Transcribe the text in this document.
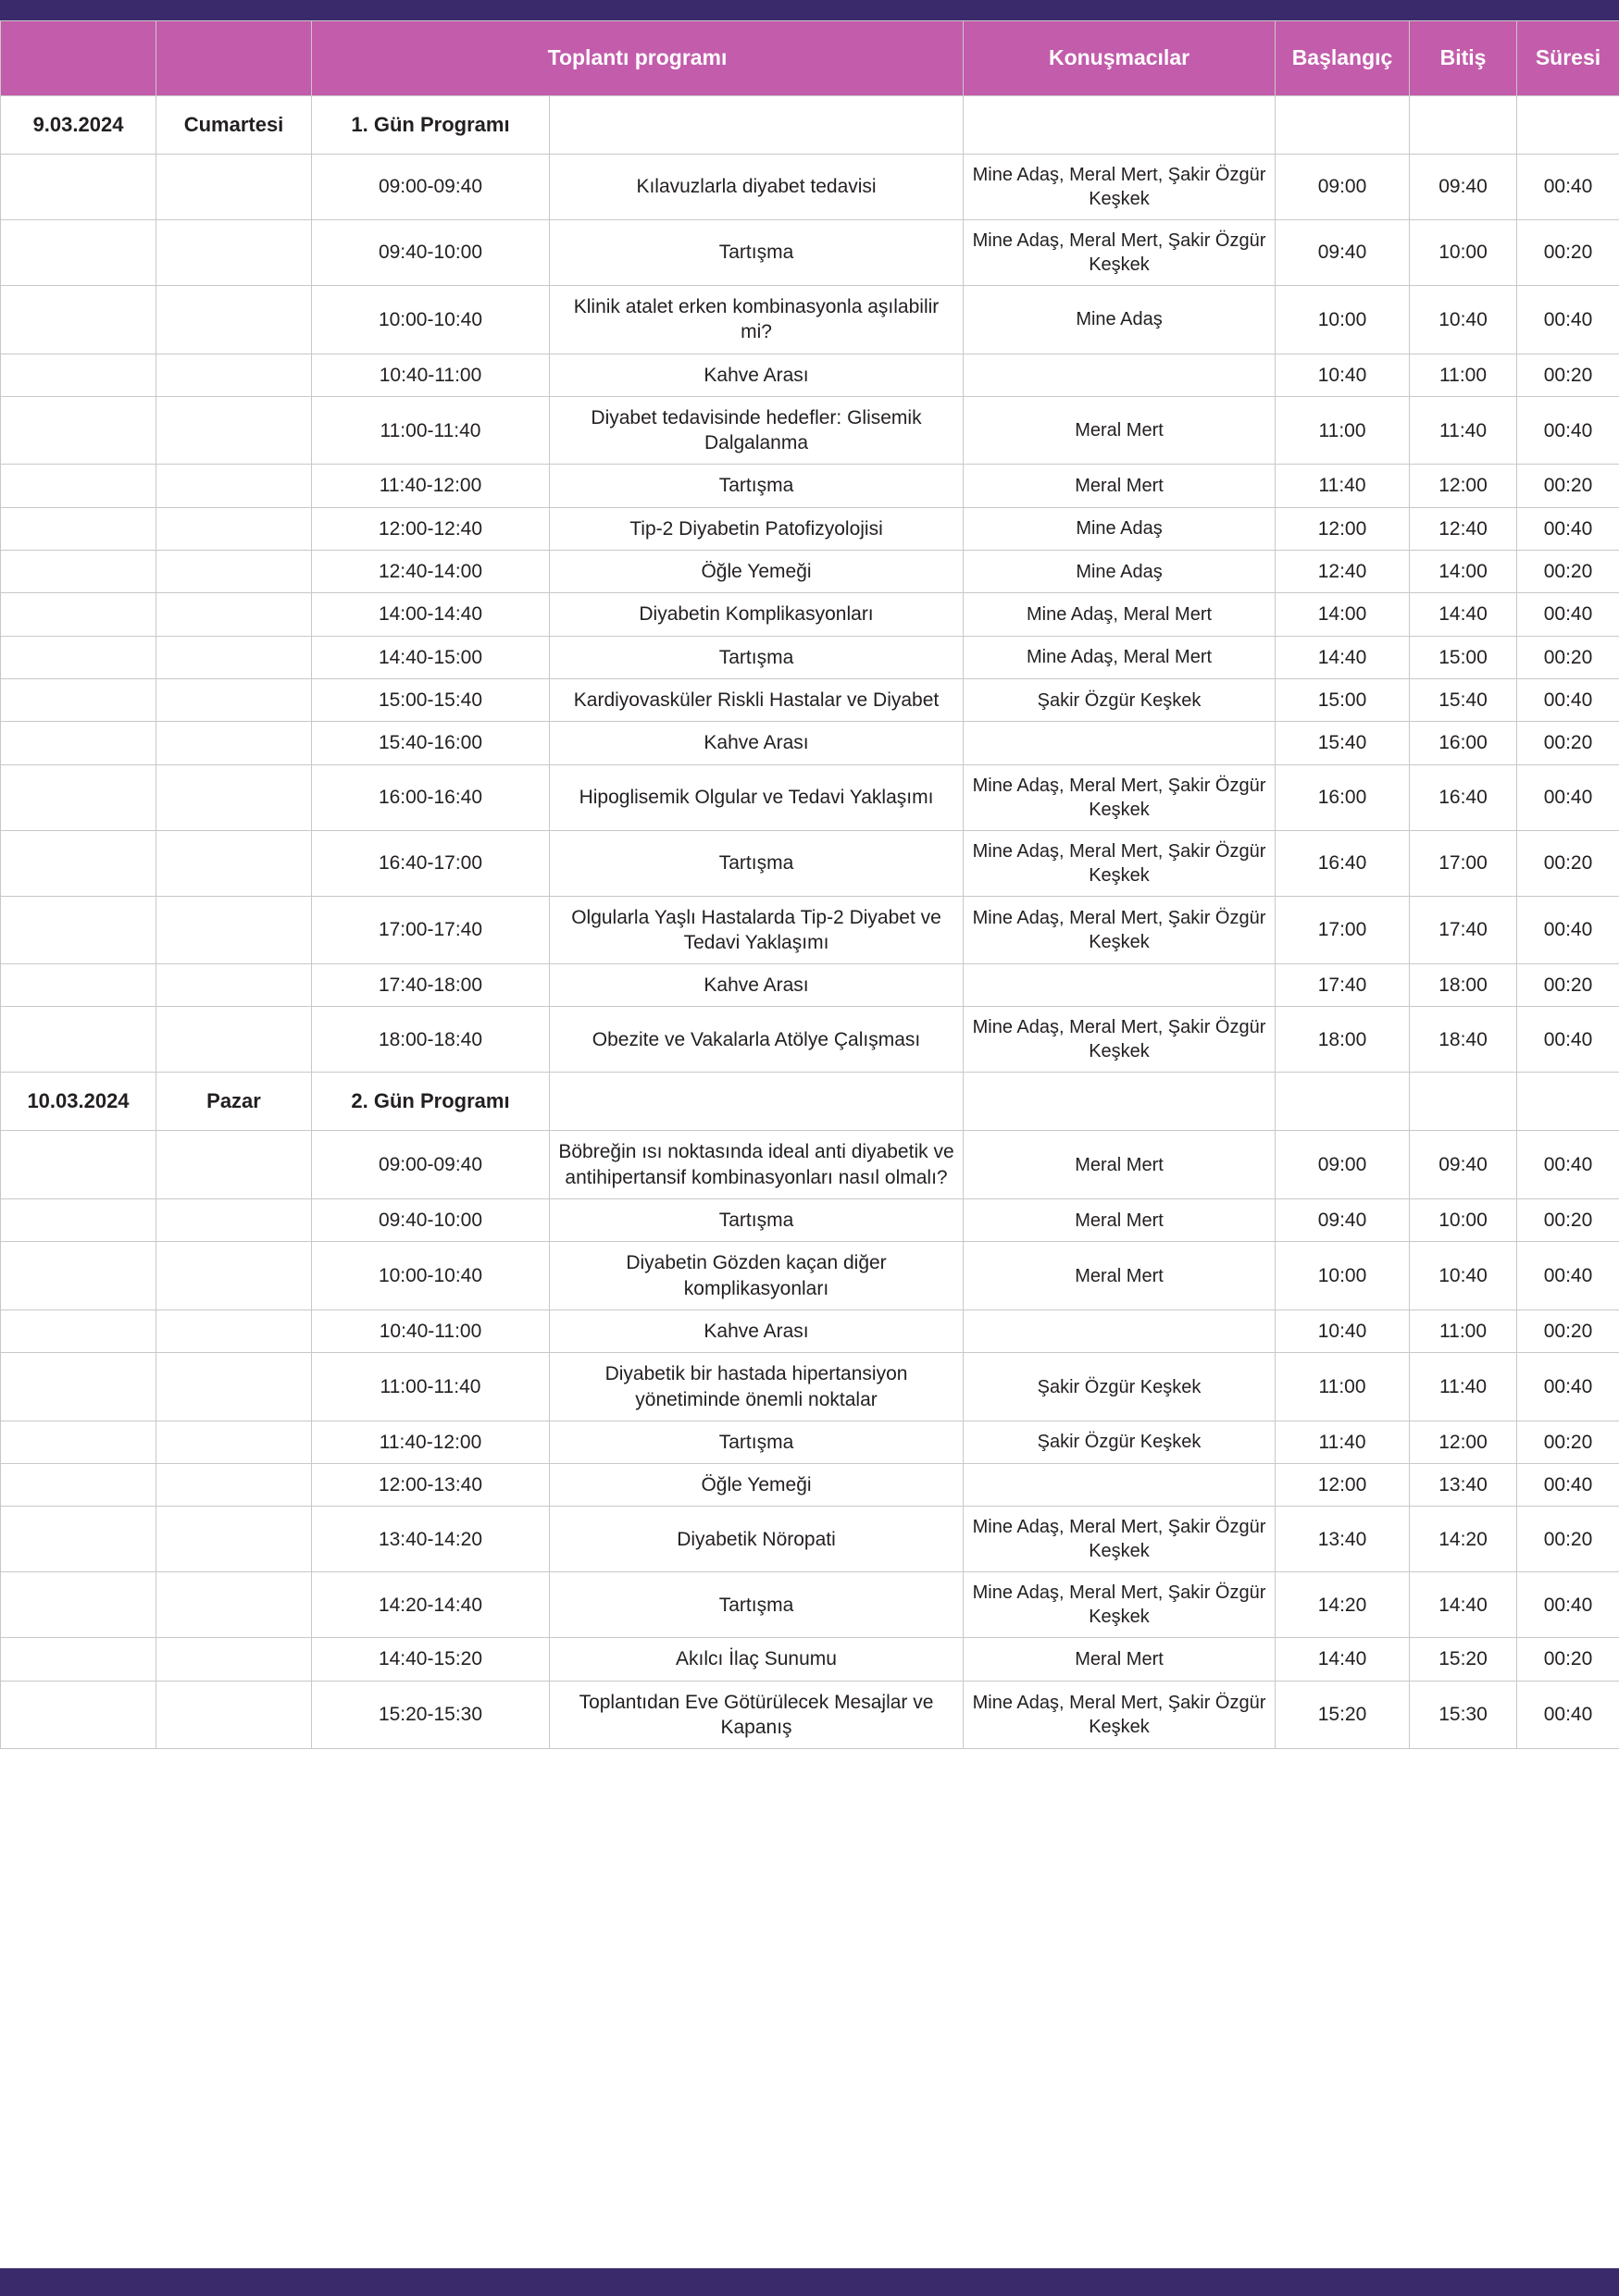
		Toplantı programı		Konuşmacılar	Başlangıç	Bitiş	Süresi
9.03.2024	Cumartesi	1. Gün Programı					
		09:00-09:40	Kılavuzlarla diyabet tedavisi	Mine Adaş, Meral Mert, Şakir Özgür Keşkek	09:00	09:40	00:40
		09:40-10:00	Tartışma	Mine Adaş, Meral Mert, Şakir Özgür Keşkek	09:40	10:00	00:20
		10:00-10:40	Klinik atalet erken kombinasyonla aşılabilir mi?	Mine Adaş	10:00	10:40	00:40
		10:40-11:00	Kahve Arası		10:40	11:00	00:20
		11:00-11:40	Diyabet tedavisinde hedefler: Glisemik Dalgalanma	Meral Mert	11:00	11:40	00:40
		11:40-12:00	Tartışma	Meral Mert	11:40	12:00	00:20
		12:00-12:40	Tip-2 Diyabetin Patofizyolojisi	Mine Adaş	12:00	12:40	00:40
		12:40-14:00	Öğle Yemeği	Mine Adaş	12:40	14:00	00:20
		14:00-14:40	Diyabetin Komplikasyonları	Mine Adaş, Meral Mert	14:00	14:40	00:40
		14:40-15:00	Tartışma	Mine Adaş, Meral Mert	14:40	15:00	00:20
		15:00-15:40	Kardiyovasküler Riskli Hastalar ve Diyabet	Şakir Özgür Keşkek	15:00	15:40	00:40
		15:40-16:00	Kahve Arası		15:40	16:00	00:20
		16:00-16:40	Hipoglisemik Olgular ve Tedavi Yaklaşımı	Mine Adaş, Meral Mert, Şakir Özgür Keşkek	16:00	16:40	00:40
		16:40-17:00	Tartışma	Mine Adaş, Meral Mert, Şakir Özgür Keşkek	16:40	17:00	00:20
		17:00-17:40	Olgularla Yaşlı Hastalarda Tip-2 Diyabet ve Tedavi Yaklaşımı	Mine Adaş, Meral Mert, Şakir Özgür Keşkek	17:00	17:40	00:40
		17:40-18:00	Kahve Arası		17:40	18:00	00:20
		18:00-18:40	Obezite ve Vakalarla Atölye Çalışması	Mine Adaş, Meral Mert, Şakir Özgür Keşkek	18:00	18:40	00:40
10.03.2024	Pazar	2. Gün Programı					
		09:00-09:40	Böbreğin ısı noktasında ideal anti diyabetik ve antihipertansif kombinasyonları nasıl olmalı?	Meral Mert	09:00	09:40	00:40
		09:40-10:00	Tartışma	Meral Mert	09:40	10:00	00:20
		10:00-10:40	Diyabetin Gözden kaçan diğer komplikasyonları	Meral Mert	10:00	10:40	00:40
		10:40-11:00	Kahve Arası		10:40	11:00	00:20
		11:00-11:40	Diyabetik bir hastada hipertansiyon yönetiminde önemli noktalar	Şakir Özgür Keşkek	11:00	11:40	00:40
		11:40-12:00	Tartışma	Şakir Özgür Keşkek	11:40	12:00	00:20
		12:00-13:40	Öğle Yemeği		12:00	13:40	00:40
		13:40-14:20	Diyabetik Nöropati	Mine Adaş, Meral Mert, Şakir Özgür Keşkek	13:40	14:20	00:20
		14:20-14:40	Tartışma	Mine Adaş, Meral Mert, Şakir Özgür Keşkek	14:20	14:40	00:40
		14:40-15:20	Akılcı İlaç Sunumu	Meral Mert	14:40	15:20	00:20
		15:20-15:30	Toplantıdan Eve Götürülecek Mesajlar ve Kapanış	Mine Adaş, Meral Mert, Şakir Özgür Keşkek	15:20	15:30	00:40
